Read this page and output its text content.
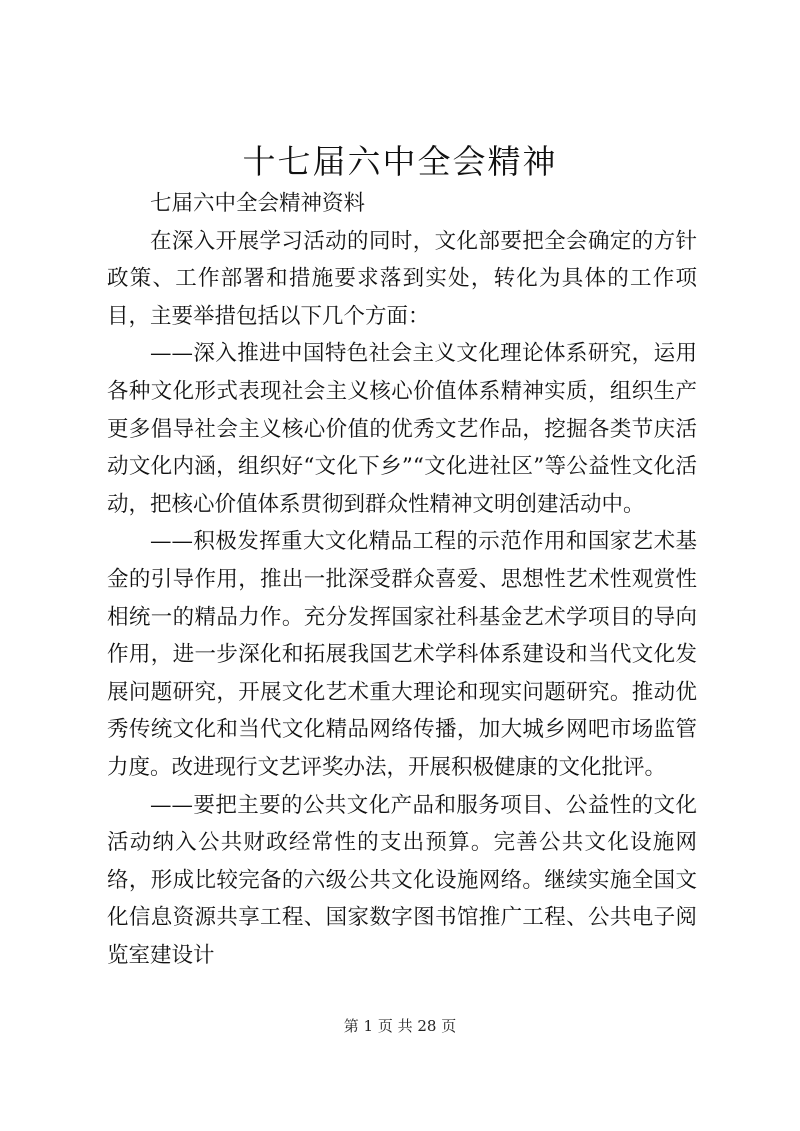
十七届六中全会精神

七届六中全会精神资料

在深入开展学习活动的同时，文化部要把全会确定的方针政策、工作部署和措施要求落到实处，转化为具体的工作项目，主要举措包括以下几个方面：

——深入推进中国特色社会主义文化理论体系研究，运用各种文化形式表现社会主义核心价值体系精神实质，组织生产更多倡导社会主义核心价值的优秀文艺作品，挖掘各类节庆活动文化内涵，组织好“文化下乡”“文化进社区”等公益性文化活动，把核心价值体系贯彻到群众性精神文明创建活动中。

——积极发挥重大文化精品工程的示范作用和国家艺术基金的引导作用，推出一批深受群众喜爱、思想性艺术性观赏性相统一的精品力作。充分发挥国家社科基金艺术学项目的导向作用，进一步深化和拓展我国艺术学科体系建设和当代文化发展问题研究，开展文化艺术重大理论和现实问题研究。推动优秀传统文化和当代文化精品网络传播，加大城乡网吧市场监管力度。改进现行文艺评奖办法，开展积极健康的文化批评。

——要把主要的公共文化产品和服务项目、公益性的文化活动纳入公共财政经常性的支出预算。完善公共文化设施网络，形成比较完备的六级公共文化设施网络。继续实施全国文化信息资源共享工程、国家数字图书馆推广工程、公共电子阅览室建设计

第 1 页 共 28 页
